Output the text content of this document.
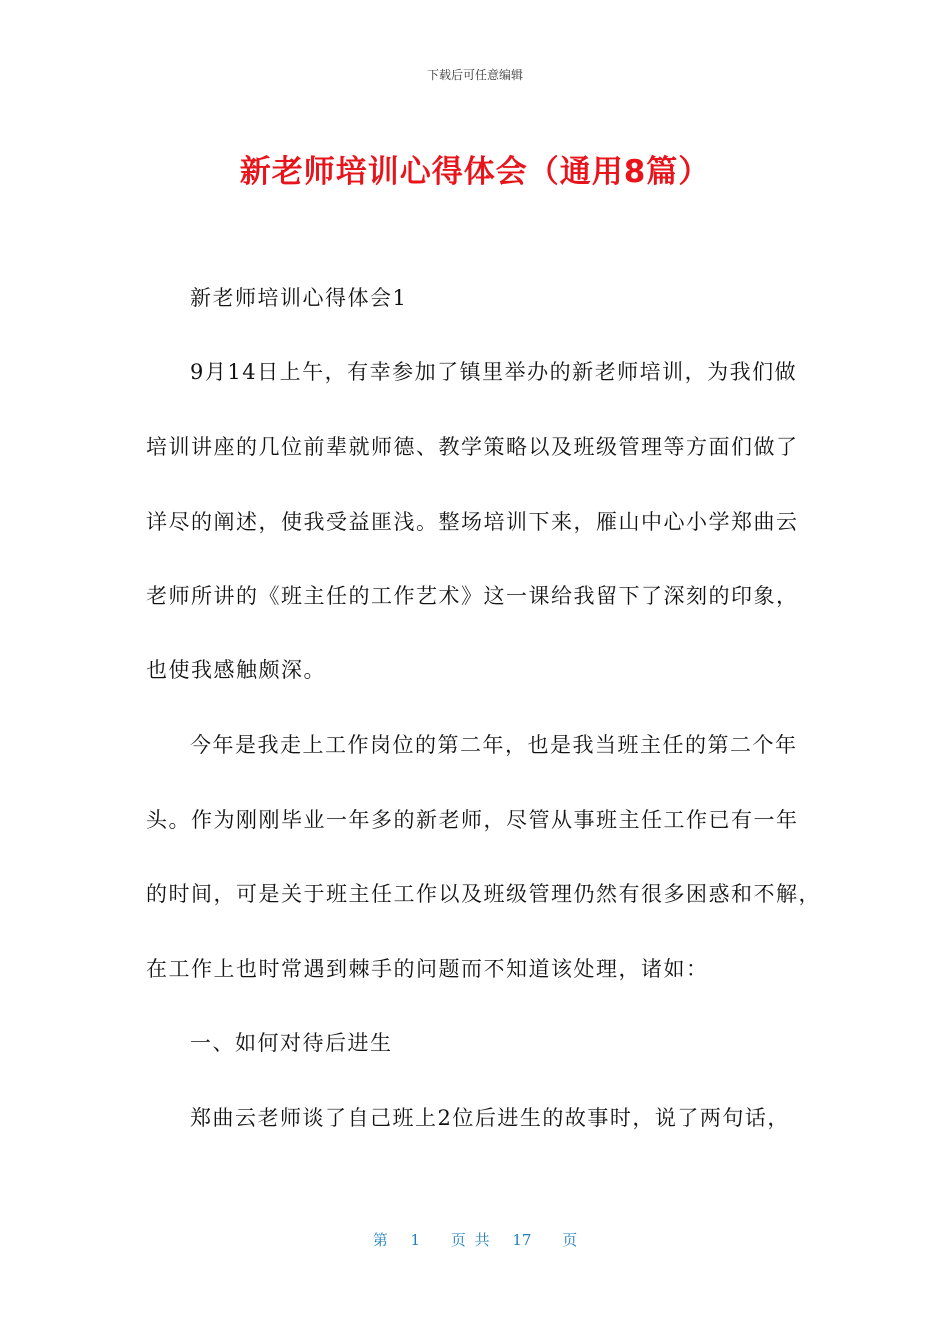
下载后可任意编辑
新老师培训心得体会（通用8篇）
新老师培训心得体会1
9月14日上午，有幸参加了镇里举办的新老师培训，为我们做
培训讲座的几位前辈就师德、教学策略以及班级管理等方面们做了
详尽的阐述，使我受益匪浅。整场培训下来，雁山中心小学郑曲云
老师所讲的《班主任的工作艺术》这一课给我留下了深刻的印象，
也使我感触颇深。
今年是我走上工作岗位的第二年，也是我当班主任的第二个年
头。作为刚刚毕业一年多的新老师，尽管从事班主任工作已有一年
的时间，可是关于班主任工作以及班级管理仍然有很多困惑和不解，
在工作上也时常遇到棘手的问题而不知道该处理，诸如：
一、如何对待后进生
郑曲云老师谈了自己班上2位后进生的故事时，说了两句话，
第 1 页 共 17 页
